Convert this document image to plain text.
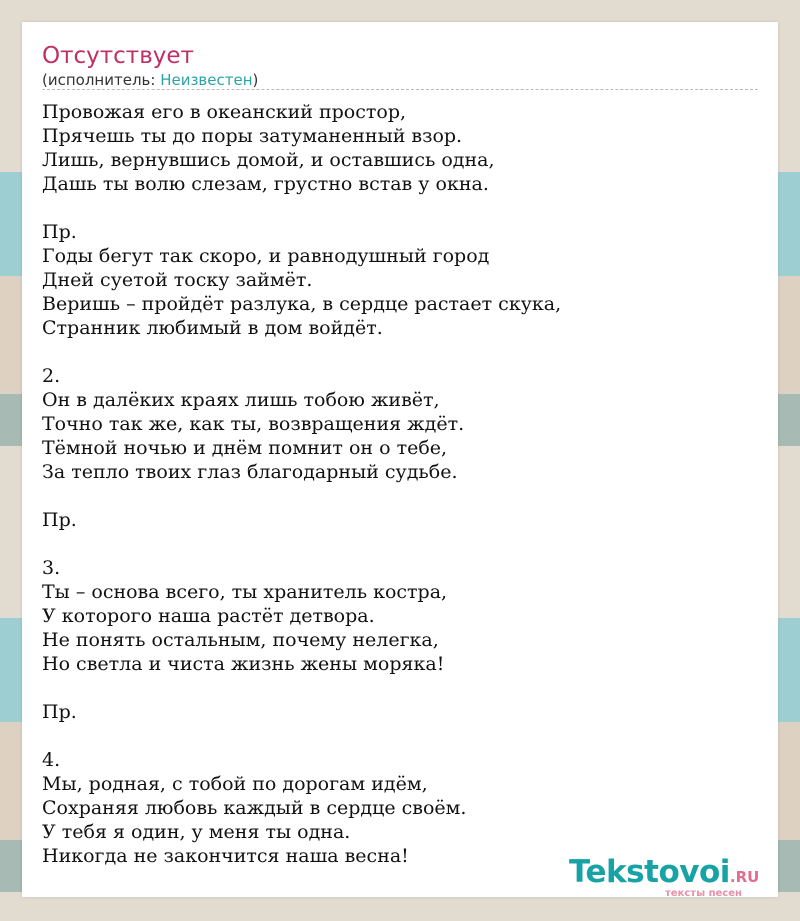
Отсутствует
(исполнитель: Неизвестен)
Провожая его в океанский простор,
Прячешь ты до поры затуманенный взор.
Лишь, вернувшись домой, и оставшись одна,
Дашь ты волю слезам, грустно встав у окна.
Пр.
Годы бегут так скоро, и равнодушный город
Дней суетой тоску займёт.
Веришь – пройдёт разлука, в сердце растает скука,
Странник любимый в дом войдёт.
2.
Он в далёких краях лишь тобою живёт,
Точно так же, как ты, возвращения ждёт.
Тёмной ночью и днём помнит он о тебе,
За тепло твоих глаз благодарный судьбе.
Пр.
3.
Ты – основа всего, ты хранитель костра,
У которого наша растёт детвора.
Не понять остальным, почему нелегка,
Но светла и чиста жизнь жены моряка!
Пр.
4.
Мы, родная, с тобой по дорогам идём,
Сохраняя любовь каждый в сердце своём.
У тебя я один, у меня ты одна.
Никогда не закончится наша весна!	Tekstovoi.RU
тексты песен
